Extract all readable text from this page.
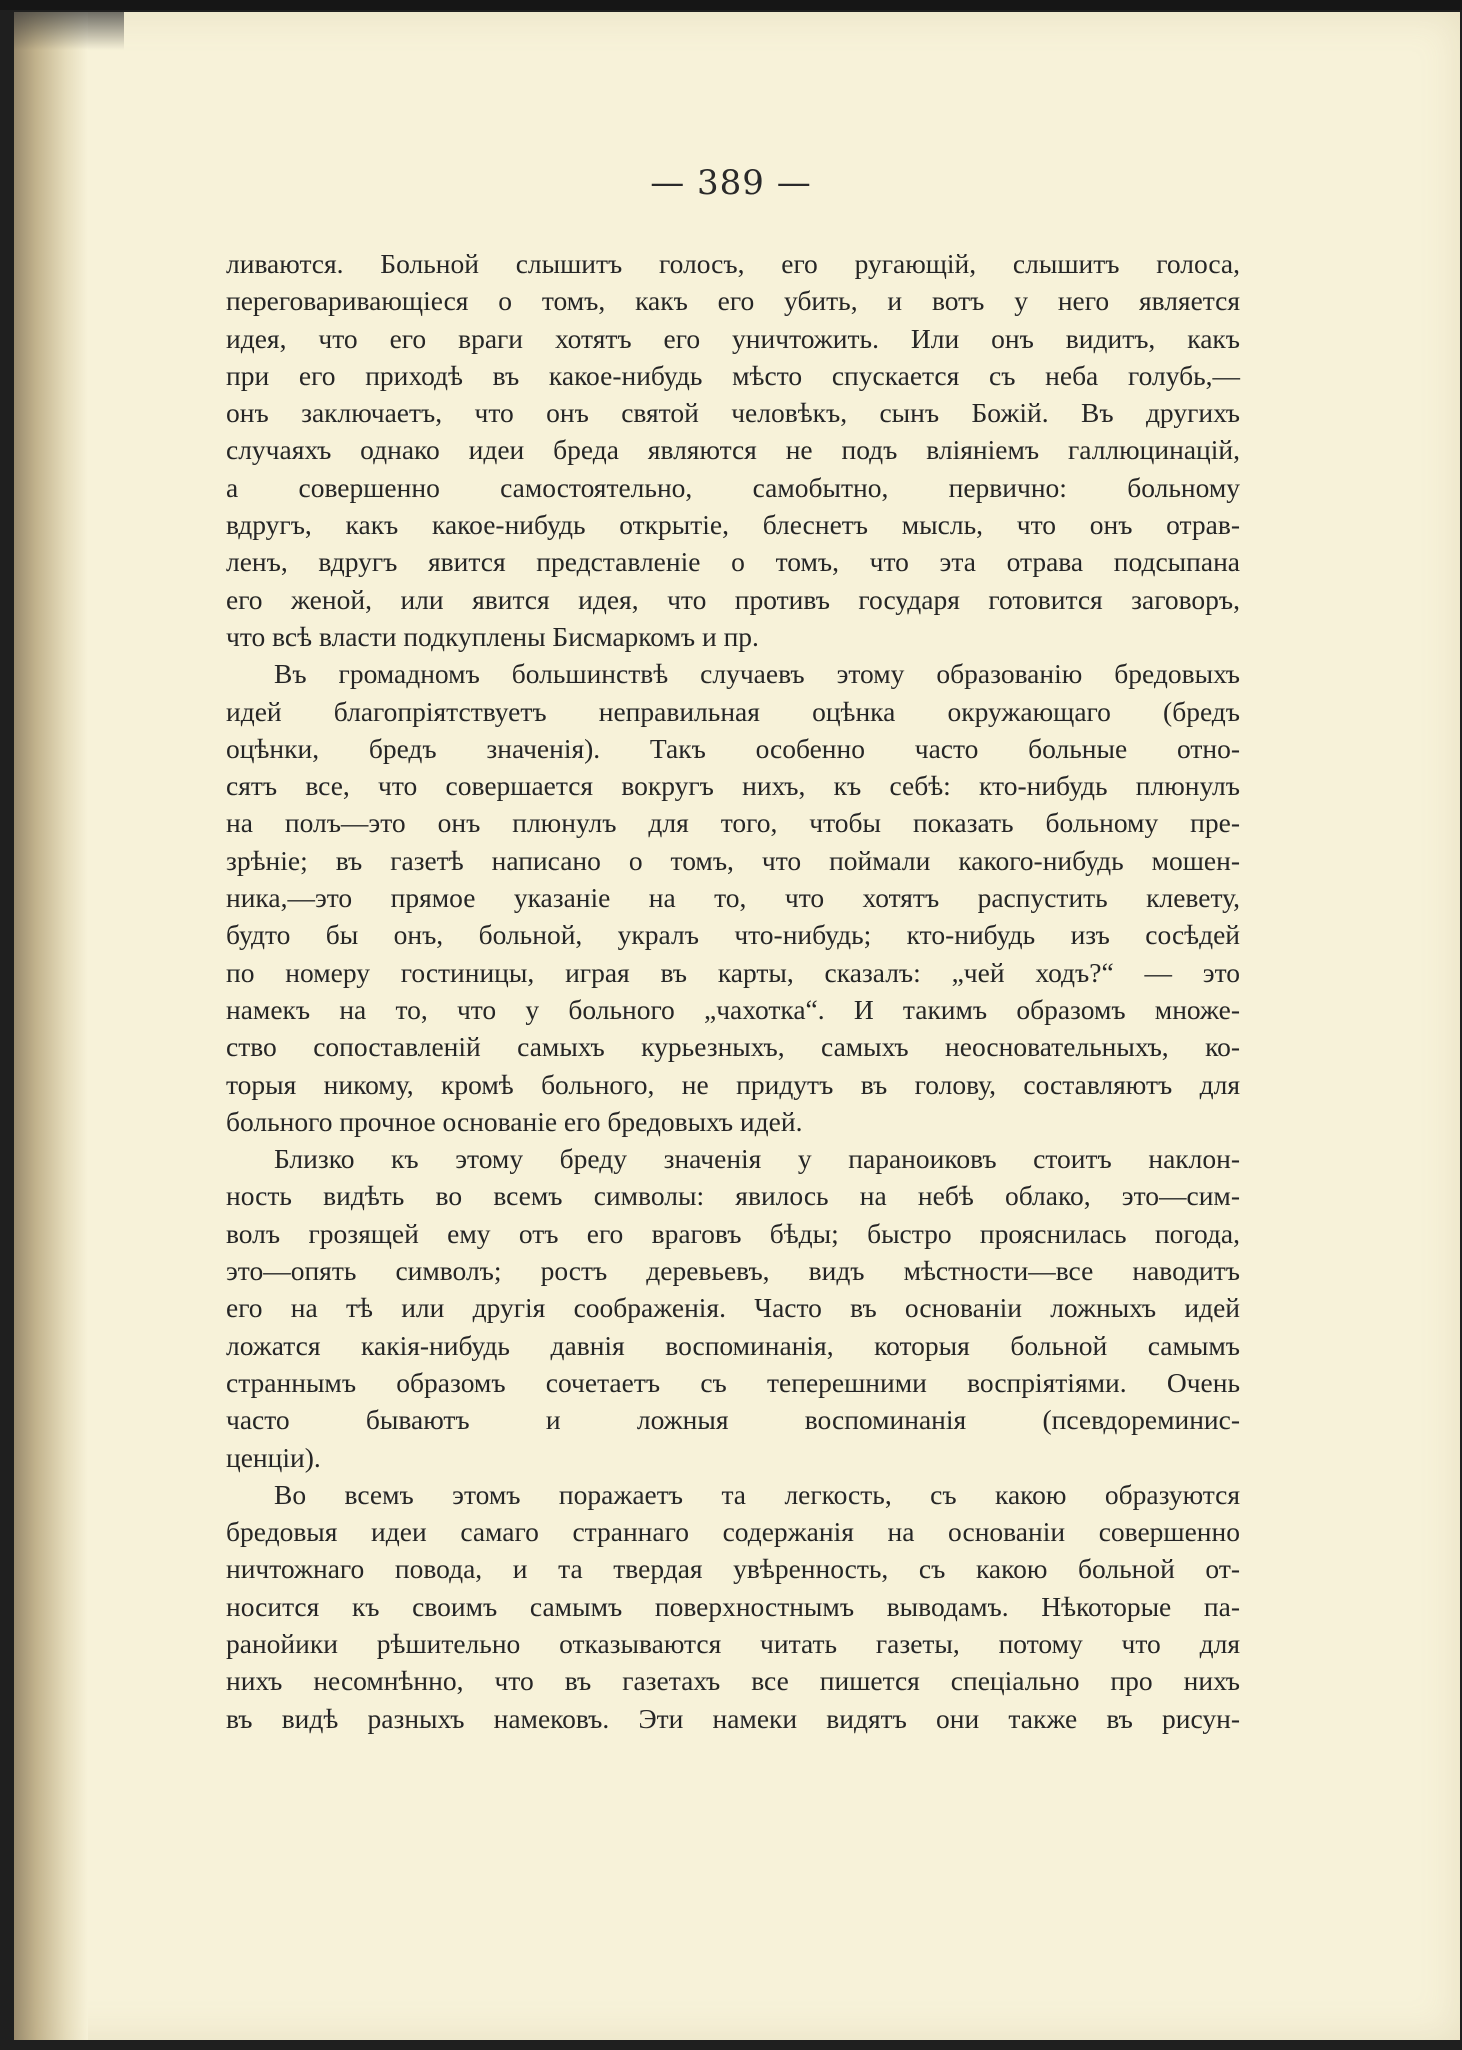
— 389 —
ливаются. Больной слышитъ голосъ, его ругающій, слышитъ голоса,
переговаривающіеся о томъ, какъ его убить, и вотъ у него является
идея, что его враги хотятъ его уничтожить. Или онъ видитъ, какъ
при его приходѣ въ какое-нибудь мѣсто спускается съ неба голубь,—
онъ заключаетъ, что онъ святой человѣкъ, сынъ Божій. Въ другихъ
случаяхъ однако идеи бреда являются не подъ вліяніемъ галлюцинацій,
а совершенно самостоятельно, самобытно, первично: больному
вдругъ, какъ какое-нибудь открытіе, блеснетъ мысль, что онъ отрав-
ленъ, вдругъ явится представленіе о томъ, что эта отрава подсыпана
его женой, или явится идея, что противъ государя готовится заговоръ,
что всѣ власти подкуплены Бисмаркомъ и пр.
Въ громадномъ большинствѣ случаевъ этому образованію бредовыхъ
идей благопріятствуетъ неправильная оцѣнка окружающаго (бредъ
оцѣнки, бредъ значенія). Такъ особенно часто больные отно-
сятъ все, что совершается вокругъ нихъ, къ себѣ: кто-нибудь плюнулъ
на полъ—это онъ плюнулъ для того, чтобы показать больному пре-
зрѣніе; въ газетѣ написано о томъ, что поймали какого-нибудь мошен-
ника,—это прямое указаніе на то, что хотятъ распустить клевету,
будто бы онъ, больной, укралъ что-нибудь; кто-нибудь изъ сосѣдей
по номеру гостиницы, играя въ карты, сказалъ: „чей ходъ?“ — это
намекъ на то, что у больного „чахотка“. И такимъ образомъ множе-
ство сопоставленій самыхъ курьезныхъ, самыхъ неосновательныхъ, ко-
торыя никому, кромѣ больного, не придутъ въ голову, составляютъ для
больного прочное основаніе его бредовыхъ идей.
Близко къ этому бреду значенія у параноиковъ стоитъ наклон-
ность видѣть во всемъ символы: явилось на небѣ облако, это—сим-
волъ грозящей ему отъ его враговъ бѣды; быстро прояснилась погода,
это—опять символъ; ростъ деревьевъ, видъ мѣстности—все наводитъ
его на тѣ или другія соображенія. Часто въ основаніи ложныхъ идей
ложатся какія-нибудь давнія воспоминанія, которыя больной самымъ
страннымъ образомъ сочетаетъ съ теперешними воспріятіями. Очень
часто бываютъ и ложныя воспоминанія (псевдореминис-
ценціи).
Во всемъ этомъ поражаетъ та легкость, съ какою образуются
бредовыя идеи самаго страннаго содержанія на основаніи совершенно
ничтожнаго повода, и та твердая увѣренность, съ какою больной от-
носится къ своимъ самымъ поверхностнымъ выводамъ. Нѣкоторые па-
ранойики рѣшительно отказываются читать газеты, потому что для
нихъ несомнѣнно, что въ газетахъ все пишется спеціально про нихъ
въ видѣ разныхъ намековъ. Эти намеки видятъ они также въ рисун-
